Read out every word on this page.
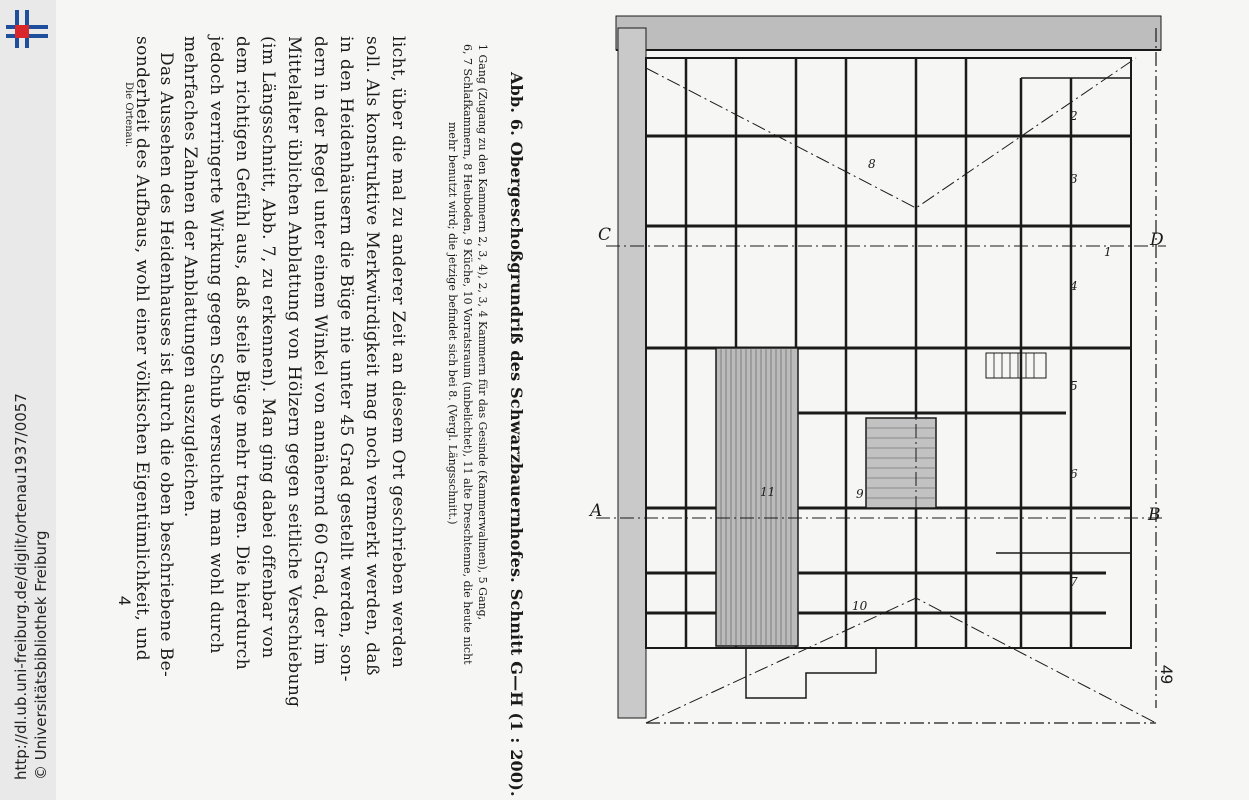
http://dl.ub.uni-freiburg.de/diglit/ortenau1937/0057 © Universitätsbibliothek Freiburg
C	D
A	B
1
2
3
4
5
6
7
8
9
10
11
49
Abb. 6. Obergeschoßgrundriß des Schwarzbauernhofes. Schnitt G—H (1 : 200).
1 Gang (Zugang zu den Kammern 2, 3, 4), 2, 3, 4 Kammern für das Gesinde (Kammerwalmen), 5 Gang,
6, 7 Schlafkammern, 8 Heuboden, 9 Küche, 10 Vorratsraum (unbelichtet), 11 alte Dreschtenne, die heute nicht
mehr benutzt wird; die jetzige befindet sich bei 8. (Vergl. Längsschnitt.)
licht, über die mal zu anderer Zeit an diesem Ort geschrieben werden
soll. Als konstruktive Merkwürdigkeit mag noch vermerkt werden, daß
in den Heidenhäusern die Büge nie unter 45 Grad gestellt werden, son-
dern in der Regel unter einem Winkel von annähernd 60 Grad, der im
Mittelalter üblichen Anblattung von Hölzern gegen seitliche Verschiebung
(im Längsschnitt, Abb. 7, zu erkennen). Man ging dabei offenbar von
dem richtigen Gefühl aus, daß steile Büge mehr tragen. Die hierdurch
jedoch verringerte Wirkung gegen Schub versuchte man wohl durch
mehrfaches Zahnen der Anblattungen auszugleichen.
Das Aussehen des Heidenhauses ist durch die oben beschriebene Be-
sonderheit des Aufbaus, wohl einer völkischen Eigentümlichkeit, und
Die Ortenau.
4
